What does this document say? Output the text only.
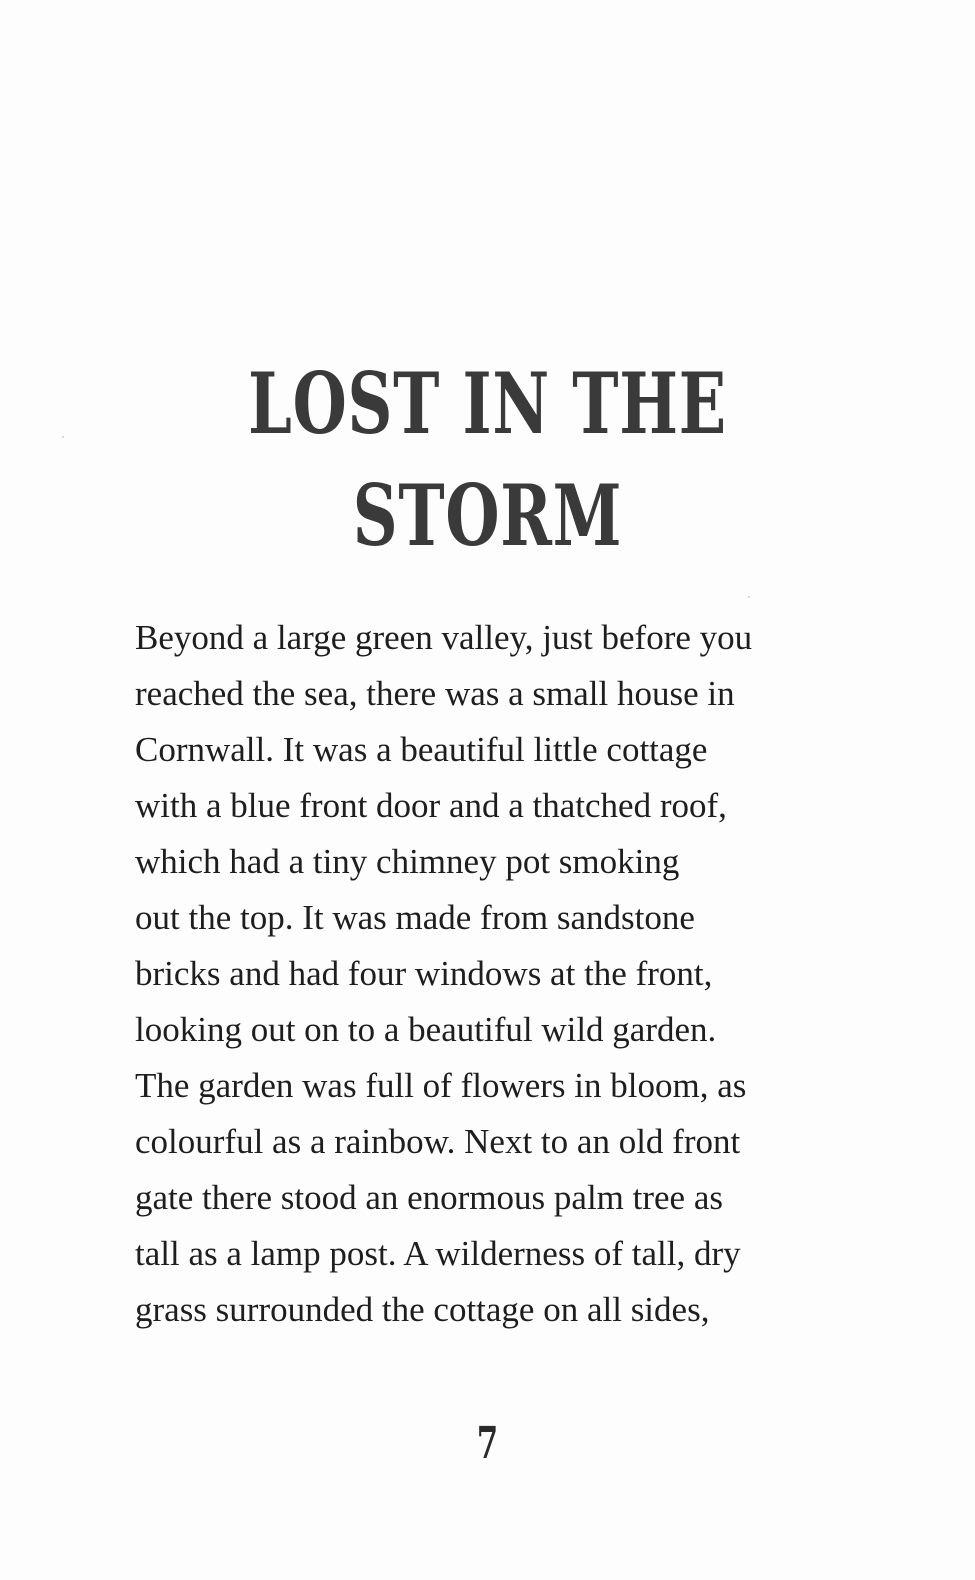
LOST IN THE
STORM
Beyond a large green valley, just before you
reached the sea, there was a small house in
Cornwall. It was a beautiful little cottage
with a blue front door and a thatched roof,
which had a tiny chimney pot smoking
out the top. It was made from sandstone
bricks and had four windows at the front,
looking out on to a beautiful wild garden.
The garden was full of flowers in bloom, as
colourful as a rainbow. Next to an old front
gate there stood an enormous palm tree as
tall as a lamp post. A wilderness of tall, dry
grass surrounded the cottage on all sides,
7
